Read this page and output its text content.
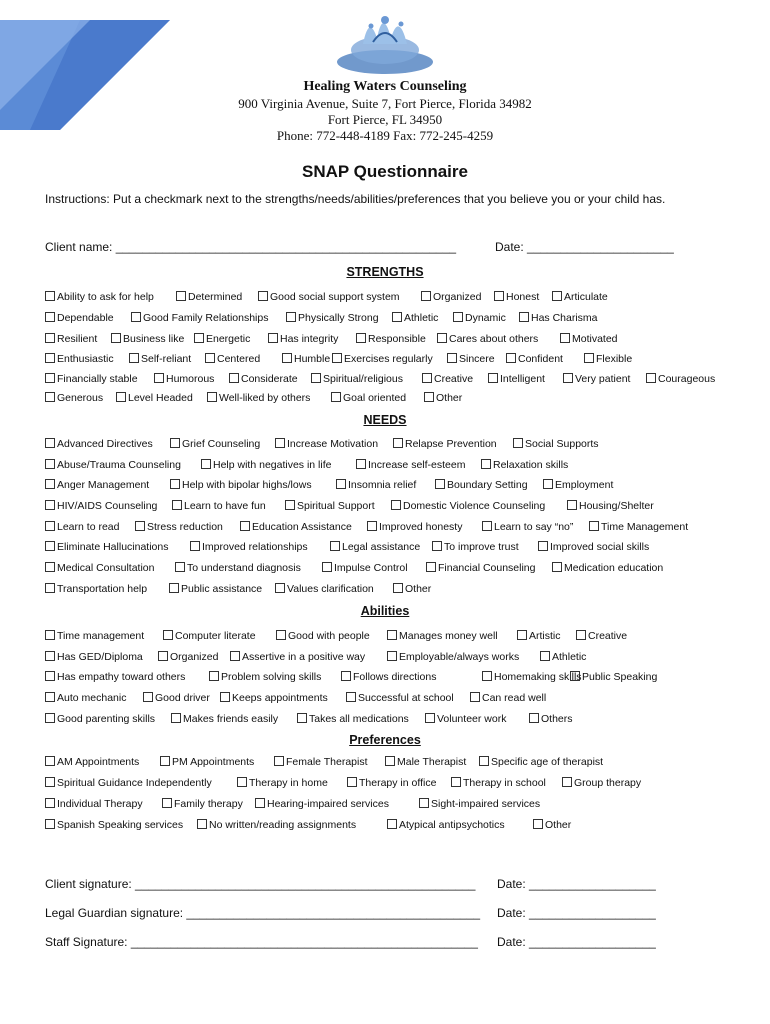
Healing Waters Counseling
900 Virginia Avenue, Suite 7, Fort Pierce, Florida 34982
Fort Pierce, FL 34950
Phone: 772-448-4189 Fax: 772-245-4259
SNAP Questionnaire
Instructions: Put a checkmark next to the strengths/needs/abilities/preferences that you believe you or your child has.
Client name: ___________________________________________________	Date: ______________________
STRENGTHS
NEEDS
Abilities
Preferences
Ability to ask for help	Determined	Good social support system	Organized	Honest	Articulate
Dependable	Good Family Relationships	Physically Strong	Athletic	Dynamic	Has Charisma
Resilient	Business like	Energetic	Has integrity	Responsible	Cares about others	Motivated
Enthusiastic	Self-reliant	Centered	Humble	Exercises regularly	Sincere	Confident	Flexible
Financially stable	Humorous	Considerate	Spiritual/religious	Creative	Intelligent	Very patient	Courageous
Generous	Level Headed	Well-liked by others	Goal oriented	Other
Advanced Directives	Grief Counseling	Increase Motivation	Relapse Prevention	Social Supports
Abuse/Trauma Counseling	Help with negatives in life	Increase self-esteem	Relaxation skills
Anger Management	Help with bipolar highs/lows	Insomnia relief	Boundary Setting	Employment
HIV/AIDS Counseling	Learn to have fun	Spiritual Support	Domestic Violence Counseling	Housing/Shelter
Learn to read	Stress reduction	Education Assistance	Improved honesty	Learn to say “no”	Time Management
Eliminate Hallucinations	Improved relationships	Legal assistance	To improve trust	Improved social skills
Medical Consultation	To understand diagnosis	Impulse Control	Financial Counseling	Medication education
Transportation help	Public assistance	Values clarification	Other
Time management	Computer literate	Good with people	Manages money well	Artistic	Creative
Has GED/Diploma	Organized	Assertive in a positive way	Employable/always works	Athletic
Has empathy toward others	Problem solving skills	Follows directions	Homemaking skills Public Speaking
Auto mechanic	Good driver	Keeps appointments	Successful at school	Can read well
Good parenting skills	Makes friends easily	Takes all medications	Volunteer work	Others
AM Appointments	PM Appointments	Female Therapist	Male Therapist	Specific age of therapist
Spiritual Guidance Independently	Therapy in home	Therapy in office	Therapy in school	Group therapy
Individual Therapy	Family therapy	Hearing-impaired services	Sight-impaired services
Spanish Speaking services	No written/reading assignments	Atypical antipsychotics	Other
Client signature: ___________________________________________________ Date: ___________________
Legal Guardian signature: ____________________________________________ Date: ___________________
Staff Signature: ____________________________________________________ Date: ___________________
